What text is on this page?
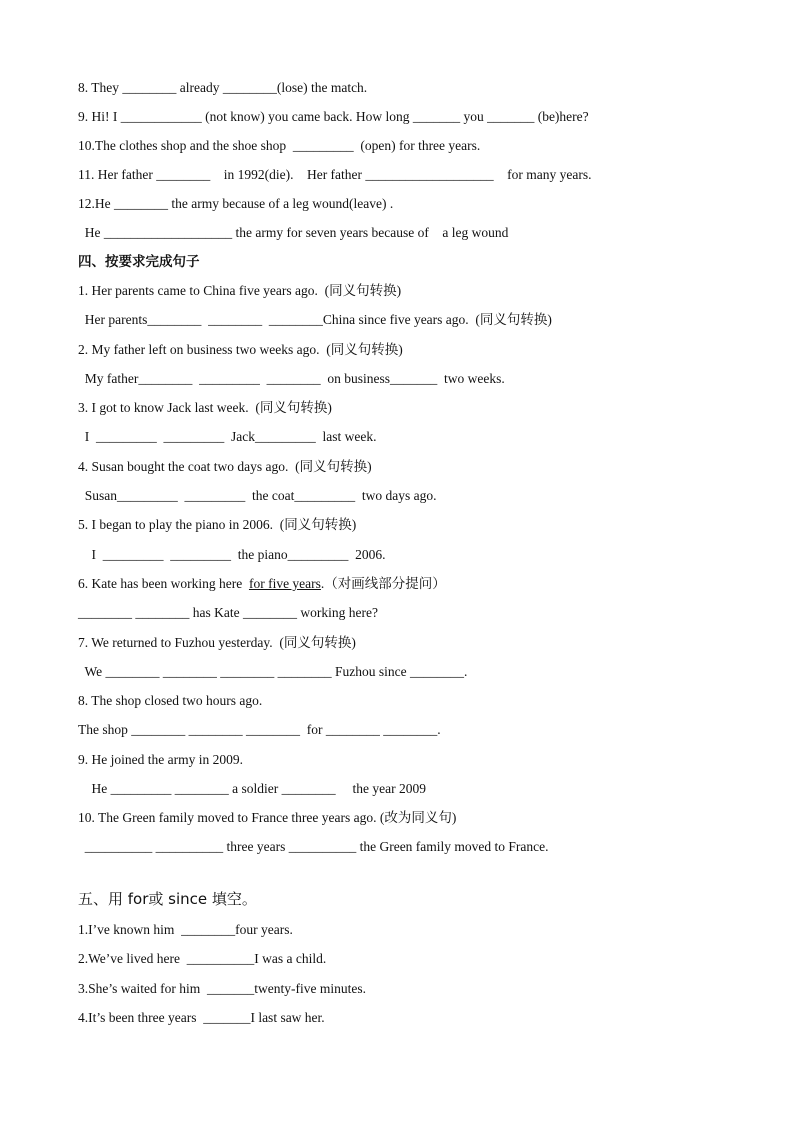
8. They ________ already ________(lose) the match.
9. Hi! I ____________ (not know) you came back. How long _______ you _______ (be)here?
10.The clothes shop and the shoe shop  _________  (open) for three years.
11. Her father ________    in 1992(die).    Her father ___________________    for many years.
12.He ________ the army because of a leg wound(leave) .
He ___________________ the army for seven years because of    a leg wound
四、按要求完成句子
1. Her parents came to China five years ago.  (同义句转换)
Her parents________  ________  ________China since five years ago.  (同义句转换)
2. My father left on business two weeks ago.  (同义句转换)
My father________  _________  ________  on business_______  two weeks.
3. I got to know Jack last week.  (同义句转换)
I  _________  _________  Jack_________  last week.
4. Susan bought the coat two days ago.  (同义句转换)
Susan_________  _________  the coat_________  two days ago.
5. I began to play the piano in 2006.  (同义句转换)
I  _________  _________  the piano_________  2006.
6. Kate has been working here  for five years.（对画线部分提问）
________ ________ has Kate ________ working here?
7. We returned to Fuzhou yesterday.  (同义句转换)
We ________ ________ ________ ________ Fuzhou since ________.
8. The shop closed two hours ago.
The shop ________ ________ ________  for ________ ________.
9. He joined the army in 2009.
He _________ ________ a soldier ________     the year 2009
10. The Green family moved to France three years ago. (改为同义句)
__________ __________ three years __________ the Green family moved to France.
五、用 for或 since 填空。
1.I’ve known him  ________four years.
2.We’ve lived here  __________I was a child.
3.She’s waited for him  _______twenty-five minutes.
4.It’s been three years  _______I last saw her.
